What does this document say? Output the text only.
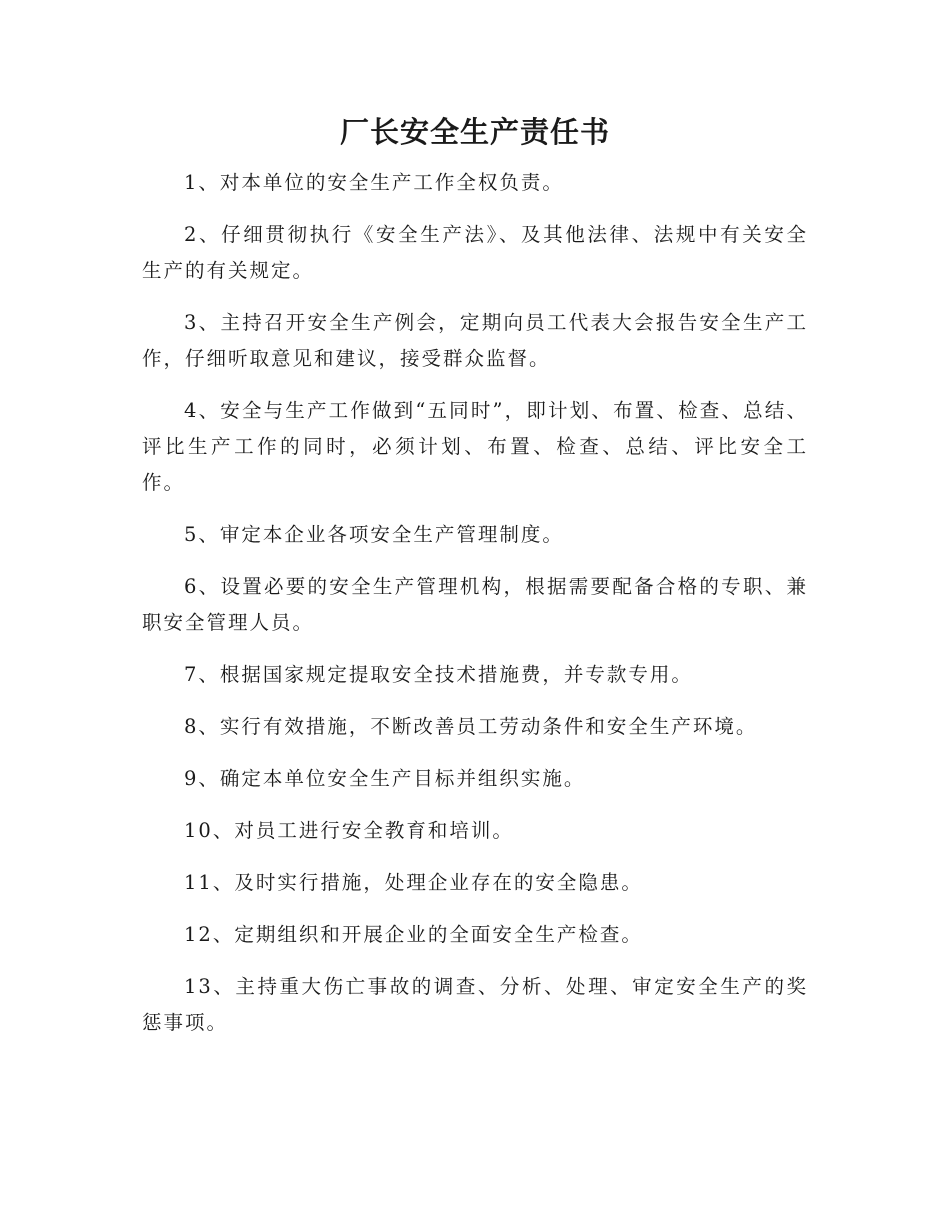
厂长安全生产责任书

1、对本单位的安全生产工作全权负责。

2、仔细贯彻执行《安全生产法》、及其他法律、法规中有关安全生产的有关规定。

3、主持召开安全生产例会，定期向员工代表大会报告安全生产工作，仔细听取意见和建议，接受群众监督。

4、安全与生产工作做到“五同时”，即计划、布置、检查、总结、评比生产工作的同时，必须计划、布置、检查、总结、评比安全工作。

5、审定本企业各项安全生产管理制度。

6、设置必要的安全生产管理机构，根据需要配备合格的专职、兼职安全管理人员。

7、根据国家规定提取安全技术措施费，并专款专用。

8、实行有效措施，不断改善员工劳动条件和安全生产环境。

9、确定本单位安全生产目标并组织实施。

10、对员工进行安全教育和培训。

11、及时实行措施，处理企业存在的安全隐患。

12、定期组织和开展企业的全面安全生产检查。

13、主持重大伤亡事故的调查、分析、处理、审定安全生产的奖惩事项。
